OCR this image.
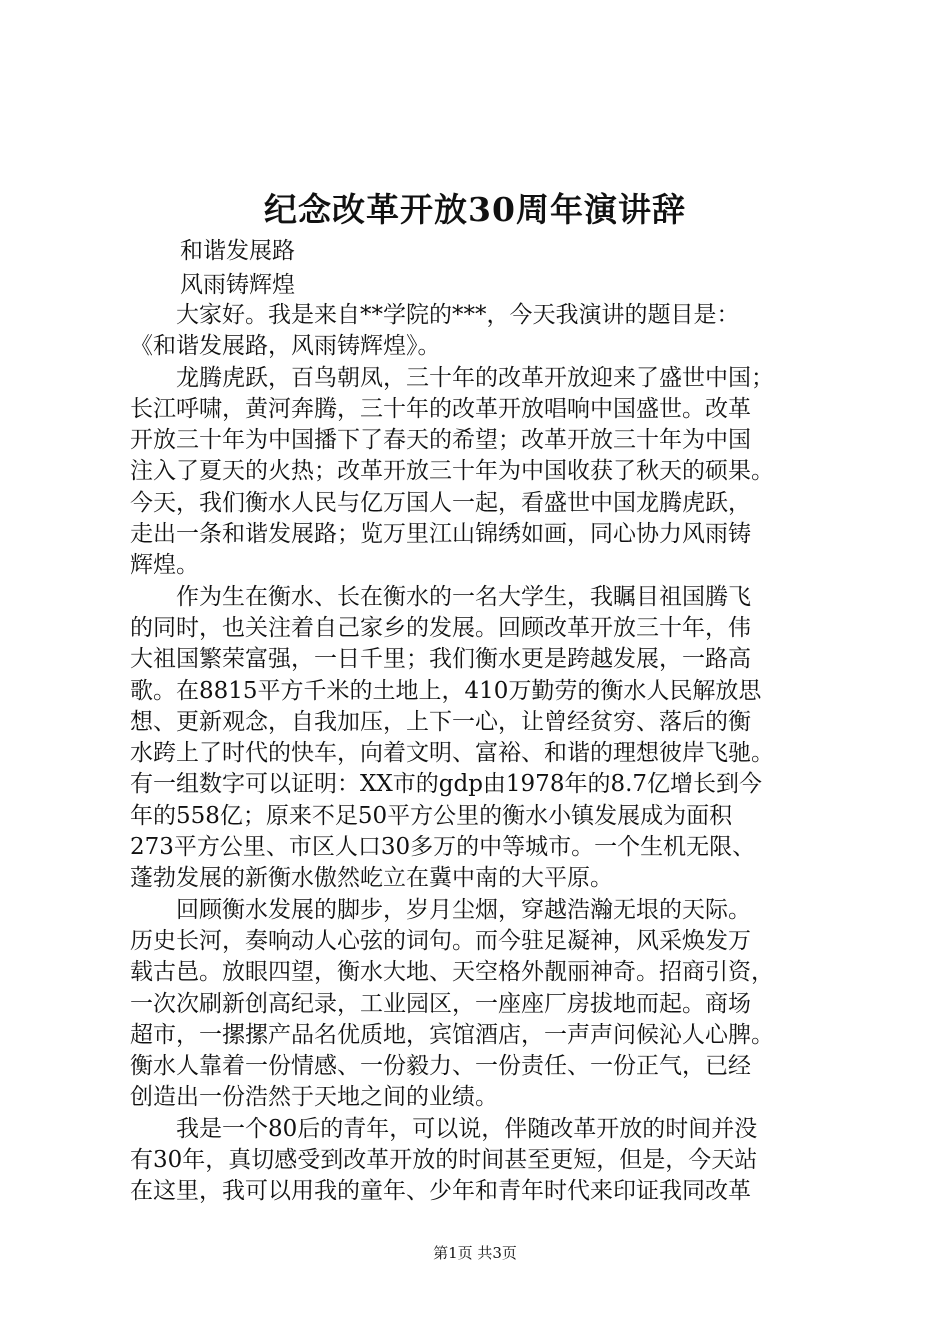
纪念改革开放30周年演讲辞
和谐发展路
风雨铸辉煌
　　大家好。我是来自**学院的***，今天我演讲的题目是：
《和谐发展路，风雨铸辉煌》。
　　龙腾虎跃，百鸟朝凤，三十年的改革开放迎来了盛世中国；
长江呼啸，黄河奔腾，三十年的改革开放唱响中国盛世。改革
开放三十年为中国播下了春天的希望；改革开放三十年为中国
注入了夏天的火热；改革开放三十年为中国收获了秋天的硕果。
今天，我们衡水人民与亿万国人一起，看盛世中国龙腾虎跃，
走出一条和谐发展路；览万里江山锦绣如画，同心协力风雨铸
辉煌。
　　作为生在衡水、长在衡水的一名大学生，我瞩目祖国腾飞
的同时，也关注着自己家乡的发展。回顾改革开放三十年，伟
大祖国繁荣富强，一日千里；我们衡水更是跨越发展，一路高
歌。在8815平方千米的土地上，410万勤劳的衡水人民解放思
想、更新观念，自我加压，上下一心，让曾经贫穷、落后的衡
水跨上了时代的快车，向着文明、富裕、和谐的理想彼岸飞驰。
有一组数字可以证明：XX市的gdp由1978年的8.7亿增长到今
年的558亿；原来不足50平方公里的衡水小镇发展成为面积
273平方公里、市区人口30多万的中等城市。一个生机无限、
蓬勃发展的新衡水傲然屹立在冀中南的大平原。
　　回顾衡水发展的脚步，岁月尘烟，穿越浩瀚无垠的天际。
历史长河，奏响动人心弦的词句。而今驻足凝神，风采焕发万
载古邑。放眼四望，衡水大地、天空格外靓丽神奇。招商引资，
一次次刷新创高纪录，工业园区，一座座厂房拔地而起。商场
超市，一摞摞产品名优质地，宾馆酒店，一声声问候沁人心脾。
衡水人靠着一份情感、一份毅力、一份责任、一份正气，已经
创造出一份浩然于天地之间的业绩。
　　我是一个80后的青年，可以说，伴随改革开放的时间并没
有30年，真切感受到改革开放的时间甚至更短，但是，今天站
在这里，我可以用我的童年、少年和青年时代来印证我同改革
第1页 共3页
